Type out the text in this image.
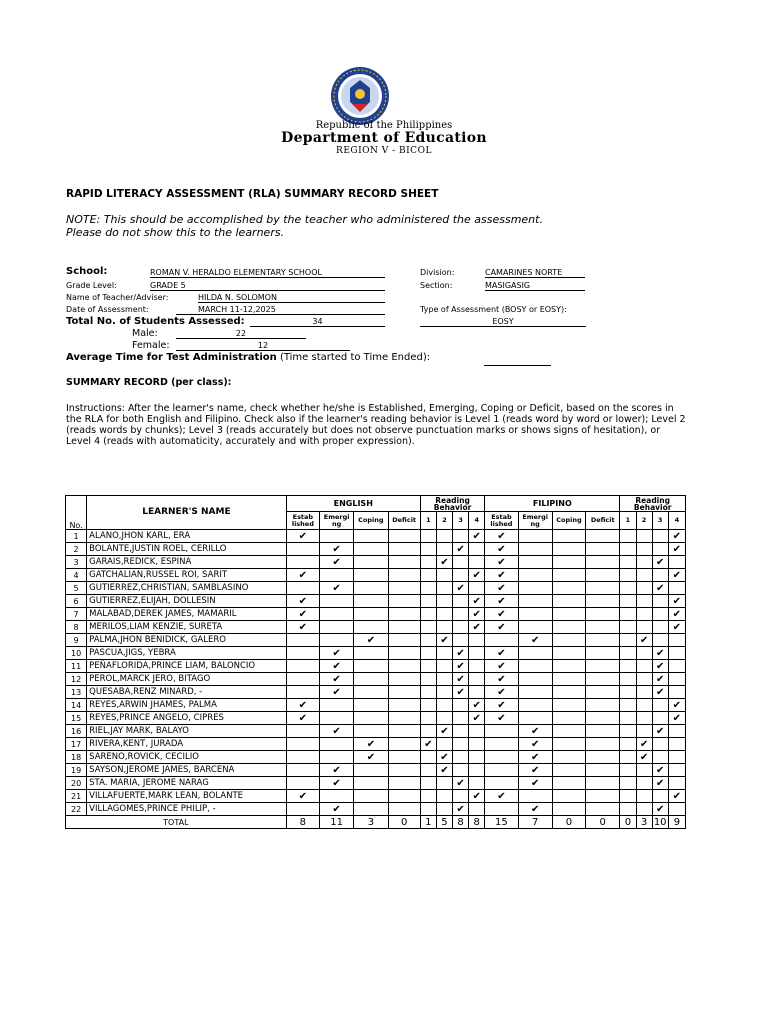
Republic of the Philippines
Department of Education
REGION V - BICOL
RAPID LITERACY ASSESSMENT (RLA) SUMMARY RECORD SHEET
NOTE: This should be accomplished by the teacher who administered the assessment.
Please do not show this to the learners.
School:	ROMAN V. HERALDO ELEMENTARY SCHOOL	Division:	CAMARINES NORTE
Grade Level:	GRADE 5	Section:	MASIGASIG
Name of Teacher/Adviser:	HILDA N. SOLOMON
Date of Assessment:	MARCH 11-12,2025	Type of Assessment (BOSY or EOSY):
EOSY
Total No. of Students Assessed:	34
Male:	22
Female:	12
Average Time for Test Administration (Time started to Time Ended):
SUMMARY RECORD (per class):
Instructions: After the learner's name, check whether he/she is Established, Emerging, Coping or Deficit, based on the scores in the RLA for both English and Filipino. Check also if the learner's reading behavior is Level 1 (reads word by word or lower); Level 2 (reads words by chunks); Level 3 (reads accurately but does not observe punctuation marks or shows signs of hesitation), or Level 4 (reads with automaticity, accurately and with proper expression).
No.	LEARNER'S NAME	ENGLISH				Reading Behavior				FILIPINO				Reading Behavior			
		Estab lished	Emergi ng	Coping	Deficit	1	2	3	4	Estab lished	Emergi ng	Coping	Deficit	1	2	3	4
1	ALANO,JHON KARL, ERA	✔							✔	✔							✔
2	BOLANTE,JUSTIN ROEL, CERILLO		✔					✔		✔							✔
3	GARAIS,REDICK, ESPINA		✔				✔			✔						✔	
4	GATCHALIAN,RUSSEL ROI, SARIT	✔							✔	✔							✔
5	GUTIERREZ,CHRISTIAN, SAMBLASINO		✔					✔		✔						✔	
6	GUTIERREZ,ELIJAH, DOLLESIN	✔							✔	✔							✔
7	MALABAD,DEREK JAMES, MAMARIL	✔							✔	✔							✔
8	MERILOS,LIAM KENZIE, SURETA	✔							✔	✔							✔
9	PALMA,JHON BENIDICK, GALERO			✔			✔				✔				✔		
10	PASCUA,JIGS, YEBRA		✔					✔		✔						✔	
11	PEÑAFLORIDA,PRINCE LIAM, BALONCIO		✔					✔		✔						✔	
12	PEROL,MARCK JERO, BITAGO		✔					✔		✔						✔	
13	QUESABA,RENZ MINARD, -		✔					✔		✔						✔	
14	REYES,ARWIN JHAMES, PALMA	✔							✔	✔							✔
15	REYES,PRINCE ANGELO, CIPRES	✔							✔	✔							✔
16	RIEL,JAY MARK, BALAYO		✔				✔				✔					✔	
17	RIVERA,KENT, JURADA			✔		✔					✔				✔		
18	SARENO,ROVICK, CECILIO			✔			✔				✔				✔		
19	SAYSON,JEROME JAMES, BARCENA		✔				✔				✔					✔	
20	STA. MARIA, JEROME NARAG		✔					✔			✔					✔	
21	VILLAFUERTE,MARK LEAN, BOLANTE	✔							✔	✔							✔
22	VILLAGOMES,PRINCE PHILIP, -		✔					✔			✔					✔	
TOTAL		8	11	3	0	1	5	8	8	15	7	0	0	0	3	10	9
